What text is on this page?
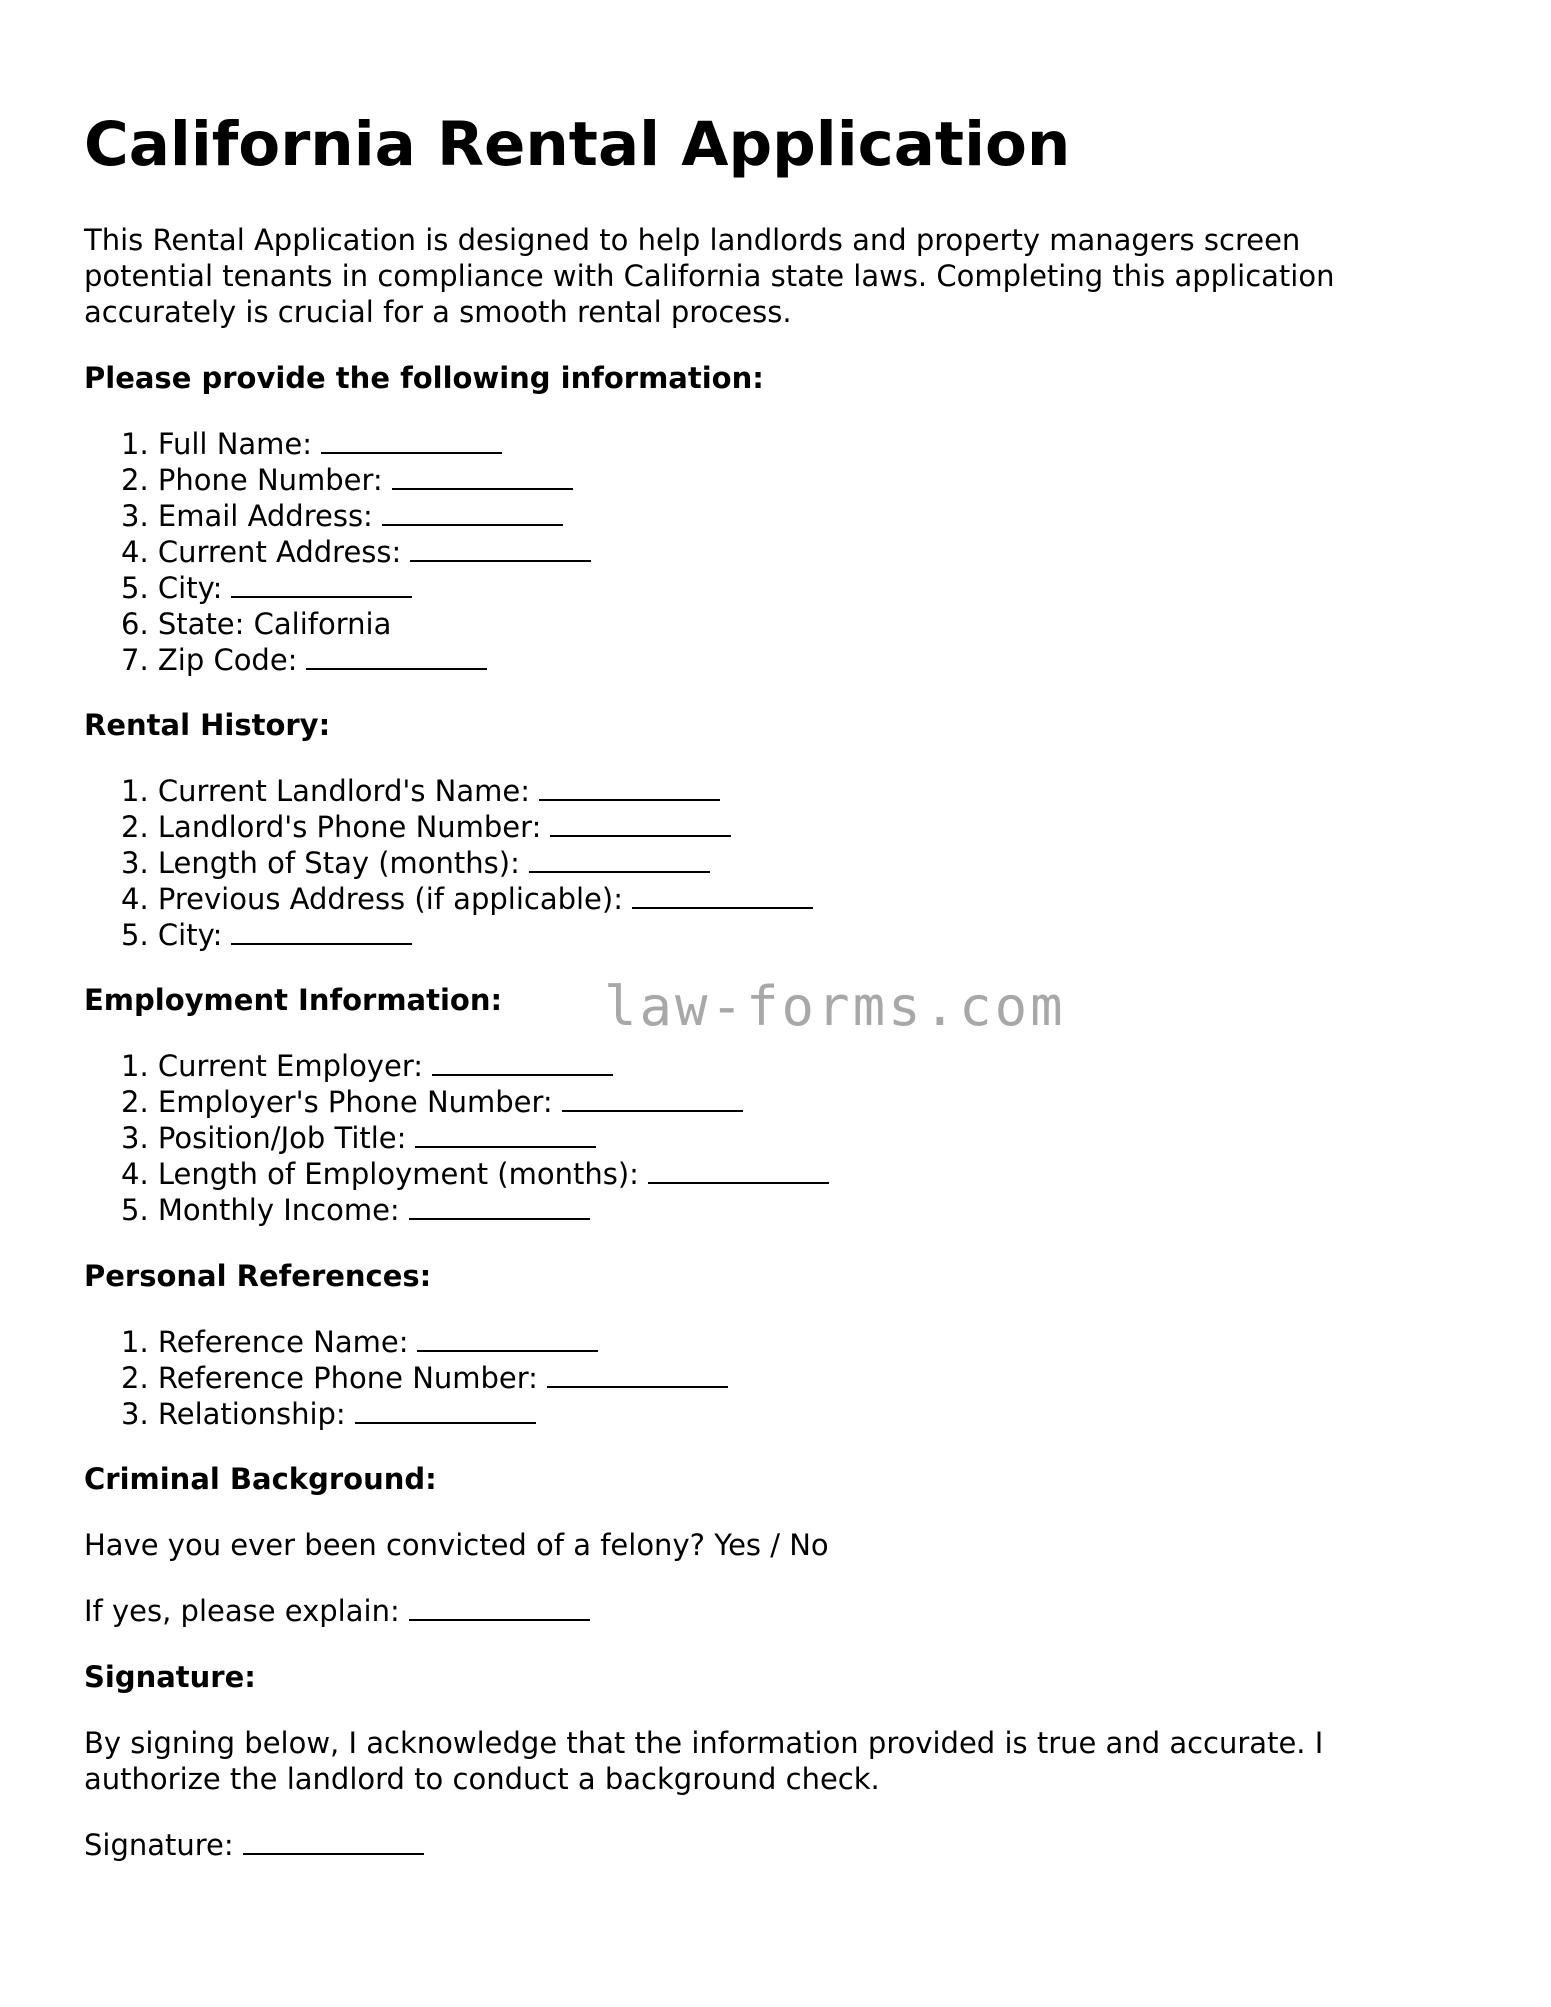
California Rental Application
This Rental Application is designed to help landlords and property managers screen potential tenants in compliance with California state laws. Completing this application accurately is crucial for a smooth rental process.
Please provide the following information:
1. Full Name:
2. Phone Number:
3. Email Address:
4. Current Address:
5. City:
6. State: California
7. Zip Code:
Rental History:
1. Current Landlord's Name:
2. Landlord's Phone Number:
3. Length of Stay (months):
4. Previous Address (if applicable):
5. City:
Employment Information:
1. Current Employer:
2. Employer's Phone Number:
3. Position/Job Title:
4. Length of Employment (months):
5. Monthly Income:
Personal References:
1. Reference Name:
2. Reference Phone Number:
3. Relationship:
Criminal Background:
Have you ever been convicted of a felony? Yes / No
If yes, please explain:
Signature:
By signing below, I acknowledge that the information provided is true and accurate. I authorize the landlord to conduct a background check.
Signature:
law-forms.com
